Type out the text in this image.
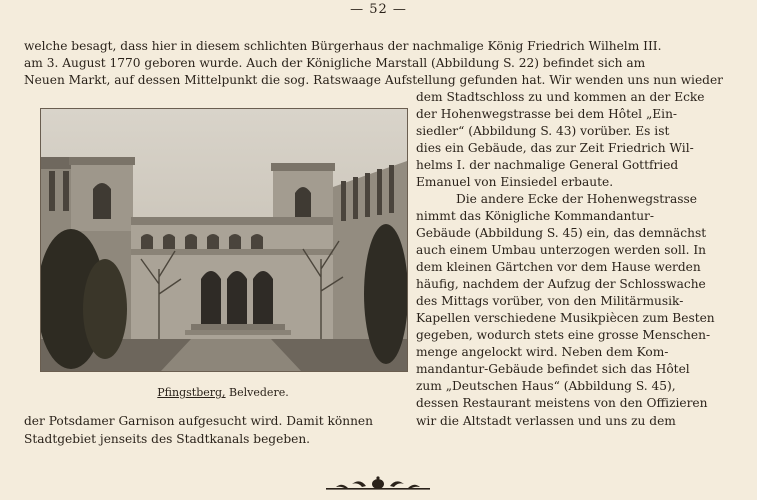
— 52 —
welche besagt, dass hier in diesem schlichten Bürgerhaus der nachmalige König Friedrich Wilhelm III.
am 3. August 1770 geboren wurde. Auch der Königliche Marstall (Abbildung S. 22) befindet sich am
Neuen Markt, auf dessen Mittelpunkt die sog. Ratswaage Aufstellung gefunden hat. Wir wenden uns nun wieder
dem Stadtschloss zu und kommen an der Ecke
der Hohenwegstrasse bei dem Hôtel „Ein-
siedler“ (Abbildung S. 43) vorüber. Es ist
dies ein Gebäude, das zur Zeit Friedrich Wil-
helms I. der nachmalige General Gottfried
Emanuel von Einsiedel erbaute.
Die andere Ecke der Hohenwegstrasse
nimmt das Königliche Kommandantur-
Gebäude (Abbildung S. 45) ein, das demnächst
auch einem Umbau unterzogen werden soll. In
dem kleinen Gärtchen vor dem Hause werden
häufig, nachdem der Aufzug der Schlosswache
des Mittags vorüber, von den Militärmusik-
Kapellen verschiedene Musikpiècen zum Besten
gegeben, wodurch stets eine grosse Menschen-
menge angelockt wird. Neben dem Kom-
mandantur-Gebäude befindet sich das Hôtel
zum „Deutschen Haus“ (Abbildung S. 45),
dessen Restaurant meistens von den Offizieren
wir die Altstadt verlassen und uns zu dem
Pfingstberg, Belvedere.
der Potsdamer Garnison aufgesucht wird. Damit können
Stadtgebiet jenseits des Stadtkanals begeben.
